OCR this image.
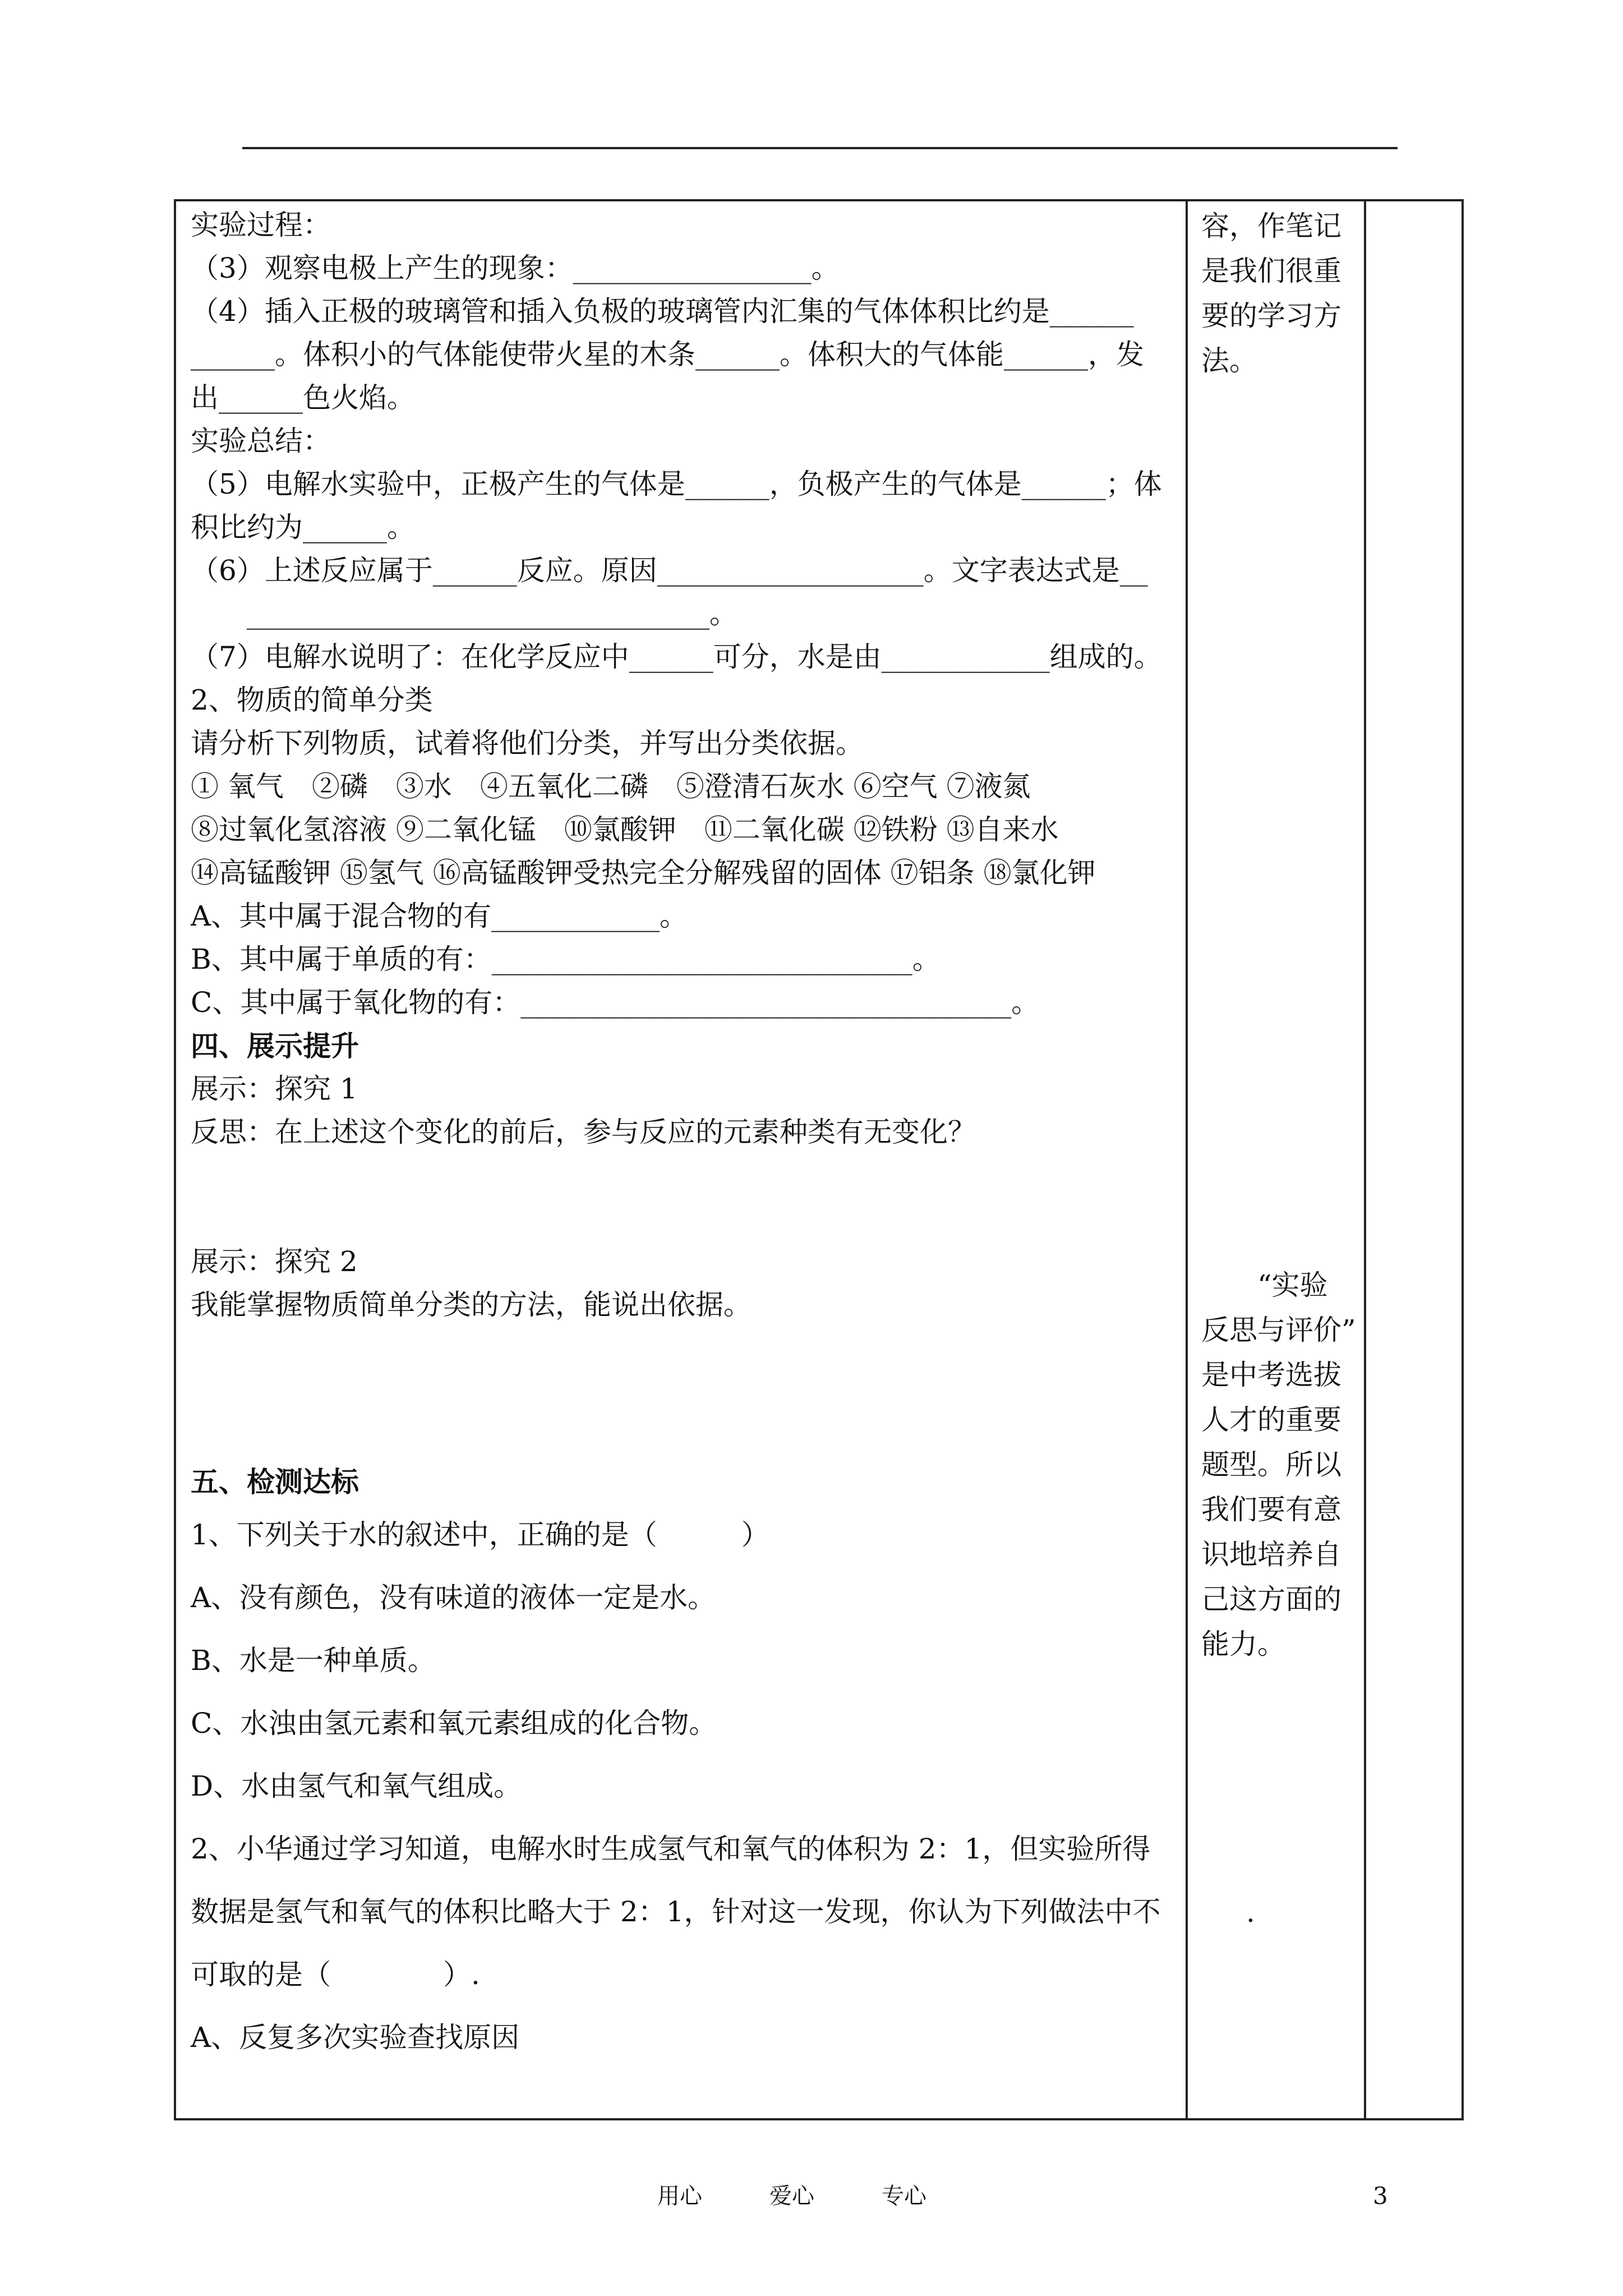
实验过程：

（3）观察电极上产生的现象：_________________。

（4）插入正极的玻璃管和插入负极的玻璃管内汇集的气体体积比约是______

______。体积小的气体能使带火星的木条______。体积大的气体能______，发

出______色火焰。

实验总结：

（5）电解水实验中，正极产生的气体是______，负极产生的气体是______；体

积比约为______。

（6）上述反应属于______反应。原因___________________。文字表达式是__

　　_________________________________。

（7）电解水说明了：在化学反应中______可分，水是由____________组成的。

2、物质的简单分类

请分析下列物质，试着将他们分类，并写出分类依据。

① 氧气　②磷　③水　④五氧化二磷　⑤澄清石灰水 ⑥空气 ⑦液氮

⑧过氧化氢溶液 ⑨二氧化锰　⑩氯酸钾　⑪二氧化碳 ⑫铁粉 ⑬自来水

⑭高锰酸钾 ⑮氢气 ⑯高锰酸钾受热完全分解残留的固体 ⑰铝条 ⑱氯化钾

A、其中属于混合物的有____________。

B、其中属于单质的有：______________________________。

C、其中属于氧化物的有：___________________________________。

四、展示提升

展示：探究 1

反思：在上述这个变化的前后，参与反应的元素种类有无变化？

展示：探究 2

我能掌握物质简单分类的方法，能说出依据。

五、检测达标

1、下列关于水的叙述中，正确的是（　　　）

A、没有颜色，没有味道的液体一定是水。

B、水是一种单质。

C、水浊由氢元素和氧元素组成的化合物。

D、水由氢气和氧气组成。

2、小华通过学习知道，电解水时生成氢气和氧气的体积为 2：1，但实验所得

数据是氢气和氧气的体积比略大于 2：1，针对这一发现，你认为下列做法中不

可取的是（　　　　）.

A、反复多次实验查找原因

容，作笔记

是我们很重

要的学习方

法。

“实验

反思与评价”

是中考选拔

人才的重要

题型。所以

我们要有意

识地培养自

己这方面的

能力。

.
用心	爱心	专心	3
